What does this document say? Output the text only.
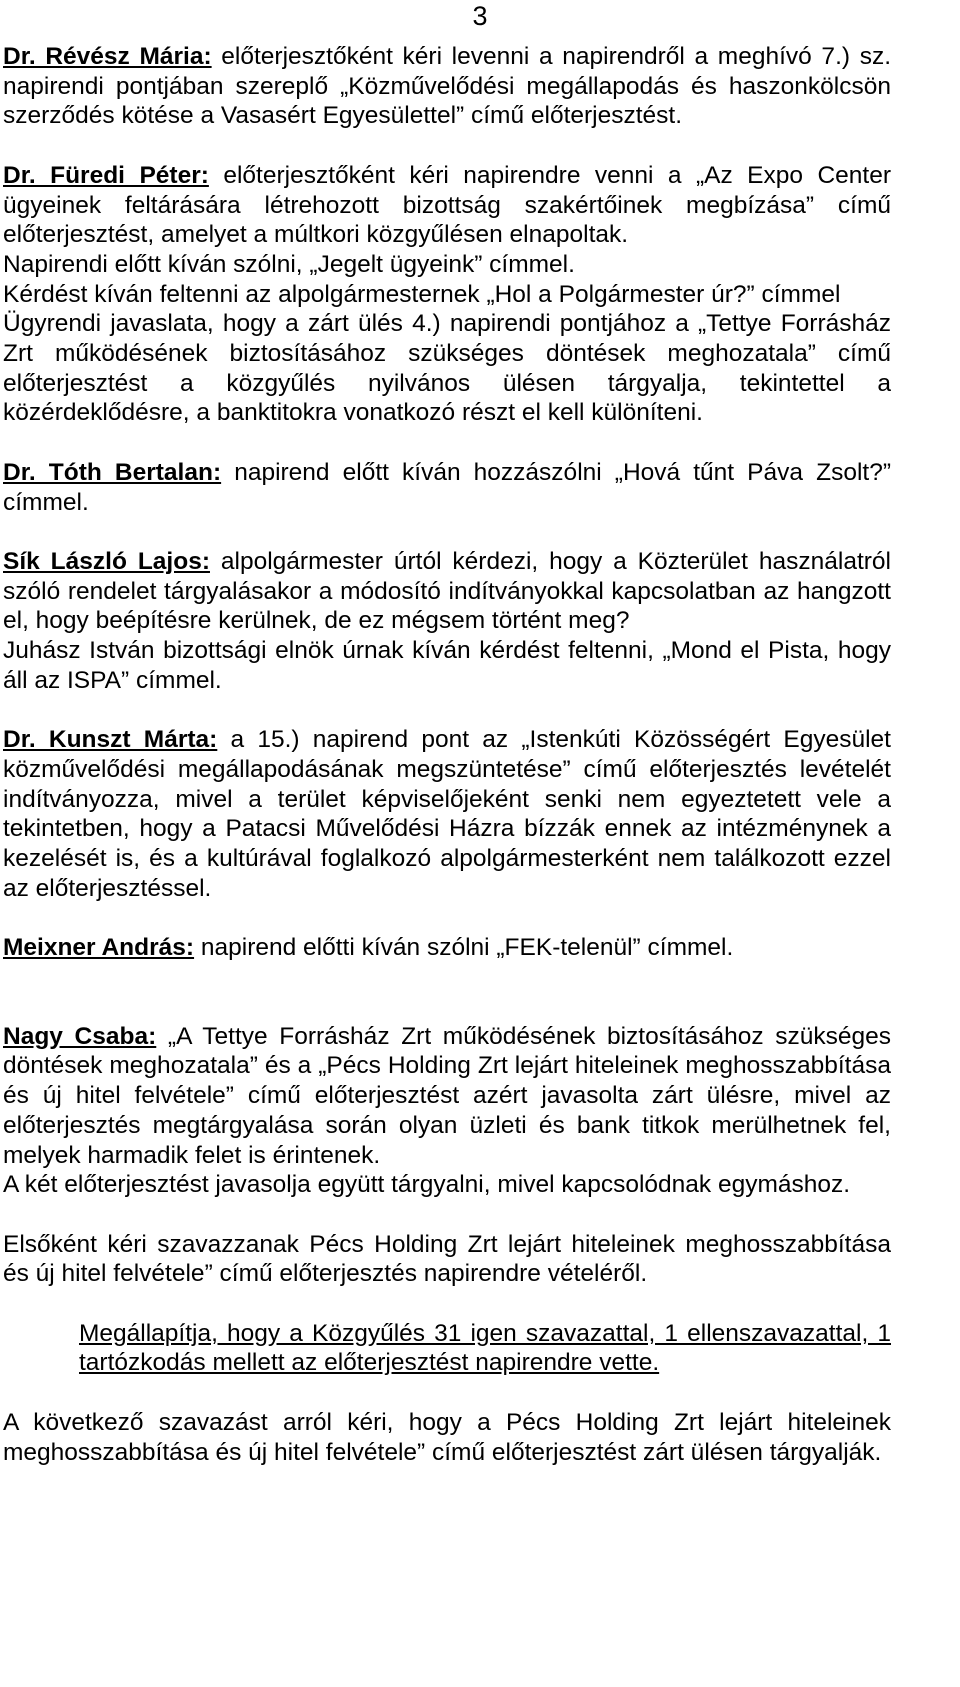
3

Dr. Révész Mária: előterjesztőként kéri levenni a napirendről a meghívó 7.) sz. napirendi pontjában szereplő „Közművelődési megállapodás és haszonkölcsön szerződés kötése a Vasasért Egyesülettel” című előterjesztést.

Dr. Füredi Péter: előterjesztőként kéri napirendre venni a „Az Expo Center ügyeinek feltárására létrehozott bizottság szakértőinek megbízása” című előterjesztést, amelyet a múltkori közgyűlésen elnapoltak.

Napirendi előtt kíván szólni, „Jegelt ügyeink” címmel.

Kérdést kíván feltenni az alpolgármesternek „Hol a Polgármester úr?” címmel

Ügyrendi javaslata, hogy a zárt ülés 4.) napirendi pontjához a „Tettye Forrásház Zrt működésének biztosításához szükséges döntések meghozatala” című előterjesztést a közgyűlés nyilvános ülésen tárgyalja, tekintettel a közérdeklődésre, a banktitokra vonatkozó részt el kell különíteni.

Dr. Tóth Bertalan: napirend előtt kíván hozzászólni „Hová tűnt Páva Zsolt?” címmel.

Sík László Lajos: alpolgármester úrtól kérdezi, hogy a Közterület használatról szóló rendelet tárgyalásakor a módosító indítványokkal kapcsolatban az hangzott el, hogy beépítésre kerülnek, de ez mégsem történt meg?

Juhász István bizottsági elnök úrnak kíván kérdést feltenni, „Mond el Pista, hogy áll az ISPA” címmel.

Dr. Kunszt Márta: a 15.) napirend pont az „Istenkúti Közösségért Egyesület közművelődési megállapodásának megszüntetése” című előterjesztés levételét indítványozza, mivel a terület képviselőjeként senki nem egyeztetett vele a tekintetben, hogy a Patacsi Művelődési Házra bízzák ennek az intézménynek a kezelését is, és a kultúrával foglalkozó alpolgármesterként nem találkozott ezzel az előterjesztéssel.

Meixner András: napirend előtti kíván szólni „FEK-telenül” címmel.

Nagy Csaba: „A Tettye Forrásház Zrt működésének biztosításához szükséges döntések meghozatala” és a „Pécs Holding Zrt lejárt hiteleinek meghosszabbítása és új hitel felvétele” című előterjesztést azért javasolta zárt ülésre, mivel az előterjesztés megtárgyalása során olyan üzleti és bank titkok merülhetnek fel, melyek harmadik felet is érintenek.

A két előterjesztést javasolja együtt tárgyalni, mivel kapcsolódnak egymáshoz.

Elsőként kéri szavazzanak Pécs Holding Zrt lejárt hiteleinek meghosszabbítása és új hitel felvétele” című előterjesztés napirendre vételéről.

Megállapítja, hogy a Közgyűlés 31 igen szavazattal, 1 ellenszavazattal, 1 tartózkodás mellett az előterjesztést napirendre vette.

A következő szavazást arról kéri, hogy a Pécs Holding Zrt lejárt hiteleinek meghosszabbítása és új hitel felvétele” című előterjesztést zárt ülésen tárgyalják.
